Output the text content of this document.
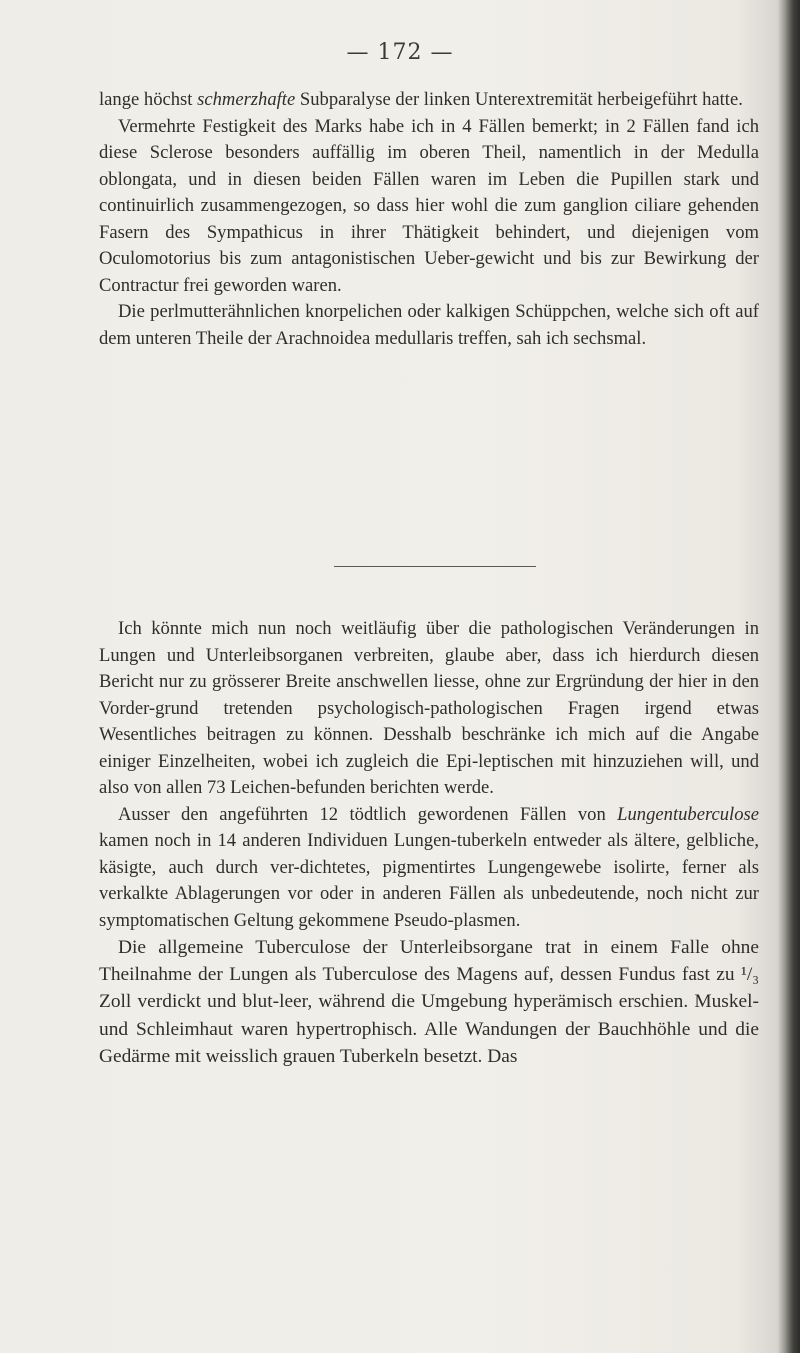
— 172 —

lange höchst schmerzhafte Subparalyse der linken Unterextremität herbeigeführt hatte.

Vermehrte Festigkeit des Marks habe ich in 4 Fällen bemerkt; in 2 Fällen fand ich diese Sclerose besonders auffällig im oberen Theil, namentlich in der Medulla oblongata, und in diesen beiden Fällen waren im Leben die Pupillen stark und continuirlich zusammengezogen, so dass hier wohl die zum ganglion ciliare gehenden Fasern des Sympathicus in ihrer Thätigkeit behindert, und diejenigen vom Oculomotorius bis zum antagonistischen Ueber-gewicht und bis zur Bewirkung der Contractur frei geworden waren.

Die perlmutterähnlichen knorpelichen oder kalkigen Schüppchen, welche sich oft auf dem unteren Theile der Arachnoidea medullaris treffen, sah ich sechsmal.

Ich könnte mich nun noch weitläufig über die pathologischen Veränderungen in Lungen und Unterleibsorganen verbreiten, glaube aber, dass ich hierdurch diesen Bericht nur zu grösserer Breite anschwellen liesse, ohne zur Ergründung der hier in den Vorder-grund tretenden psychologisch-pathologischen Fragen irgend etwas Wesentliches beitragen zu können. Desshalb beschränke ich mich auf die Angabe einiger Einzelheiten, wobei ich zugleich die Epi-leptischen mit hinzuziehen will, und also von allen 73 Leichen-befunden berichten werde.

Ausser den angeführten 12 tödtlich gewordenen Fällen von Lungentuberculose kamen noch in 14 anderen Individuen Lungen-tuberkeln entweder als ältere, gelbliche, käsigte, auch durch ver-dichtetes, pigmentirtes Lungengewebe isolirte, ferner als verkalkte Ablagerungen vor oder in anderen Fällen als unbedeutende, noch nicht zur symptomatischen Geltung gekommene Pseudo-plasmen.

Die allgemeine Tuberculose der Unterleibsorgane trat in einem Falle ohne Theilnahme der Lungen als Tuberculose des Magens auf, dessen Fundus fast zu ¹/₃ Zoll verdickt und blut-leer, während die Umgebung hyperämisch erschien. Muskel- und Schleimhaut waren hypertrophisch. Alle Wandungen der Bauchhöhle und die Gedärme mit weisslich grauen Tuberkeln besetzt. Das
